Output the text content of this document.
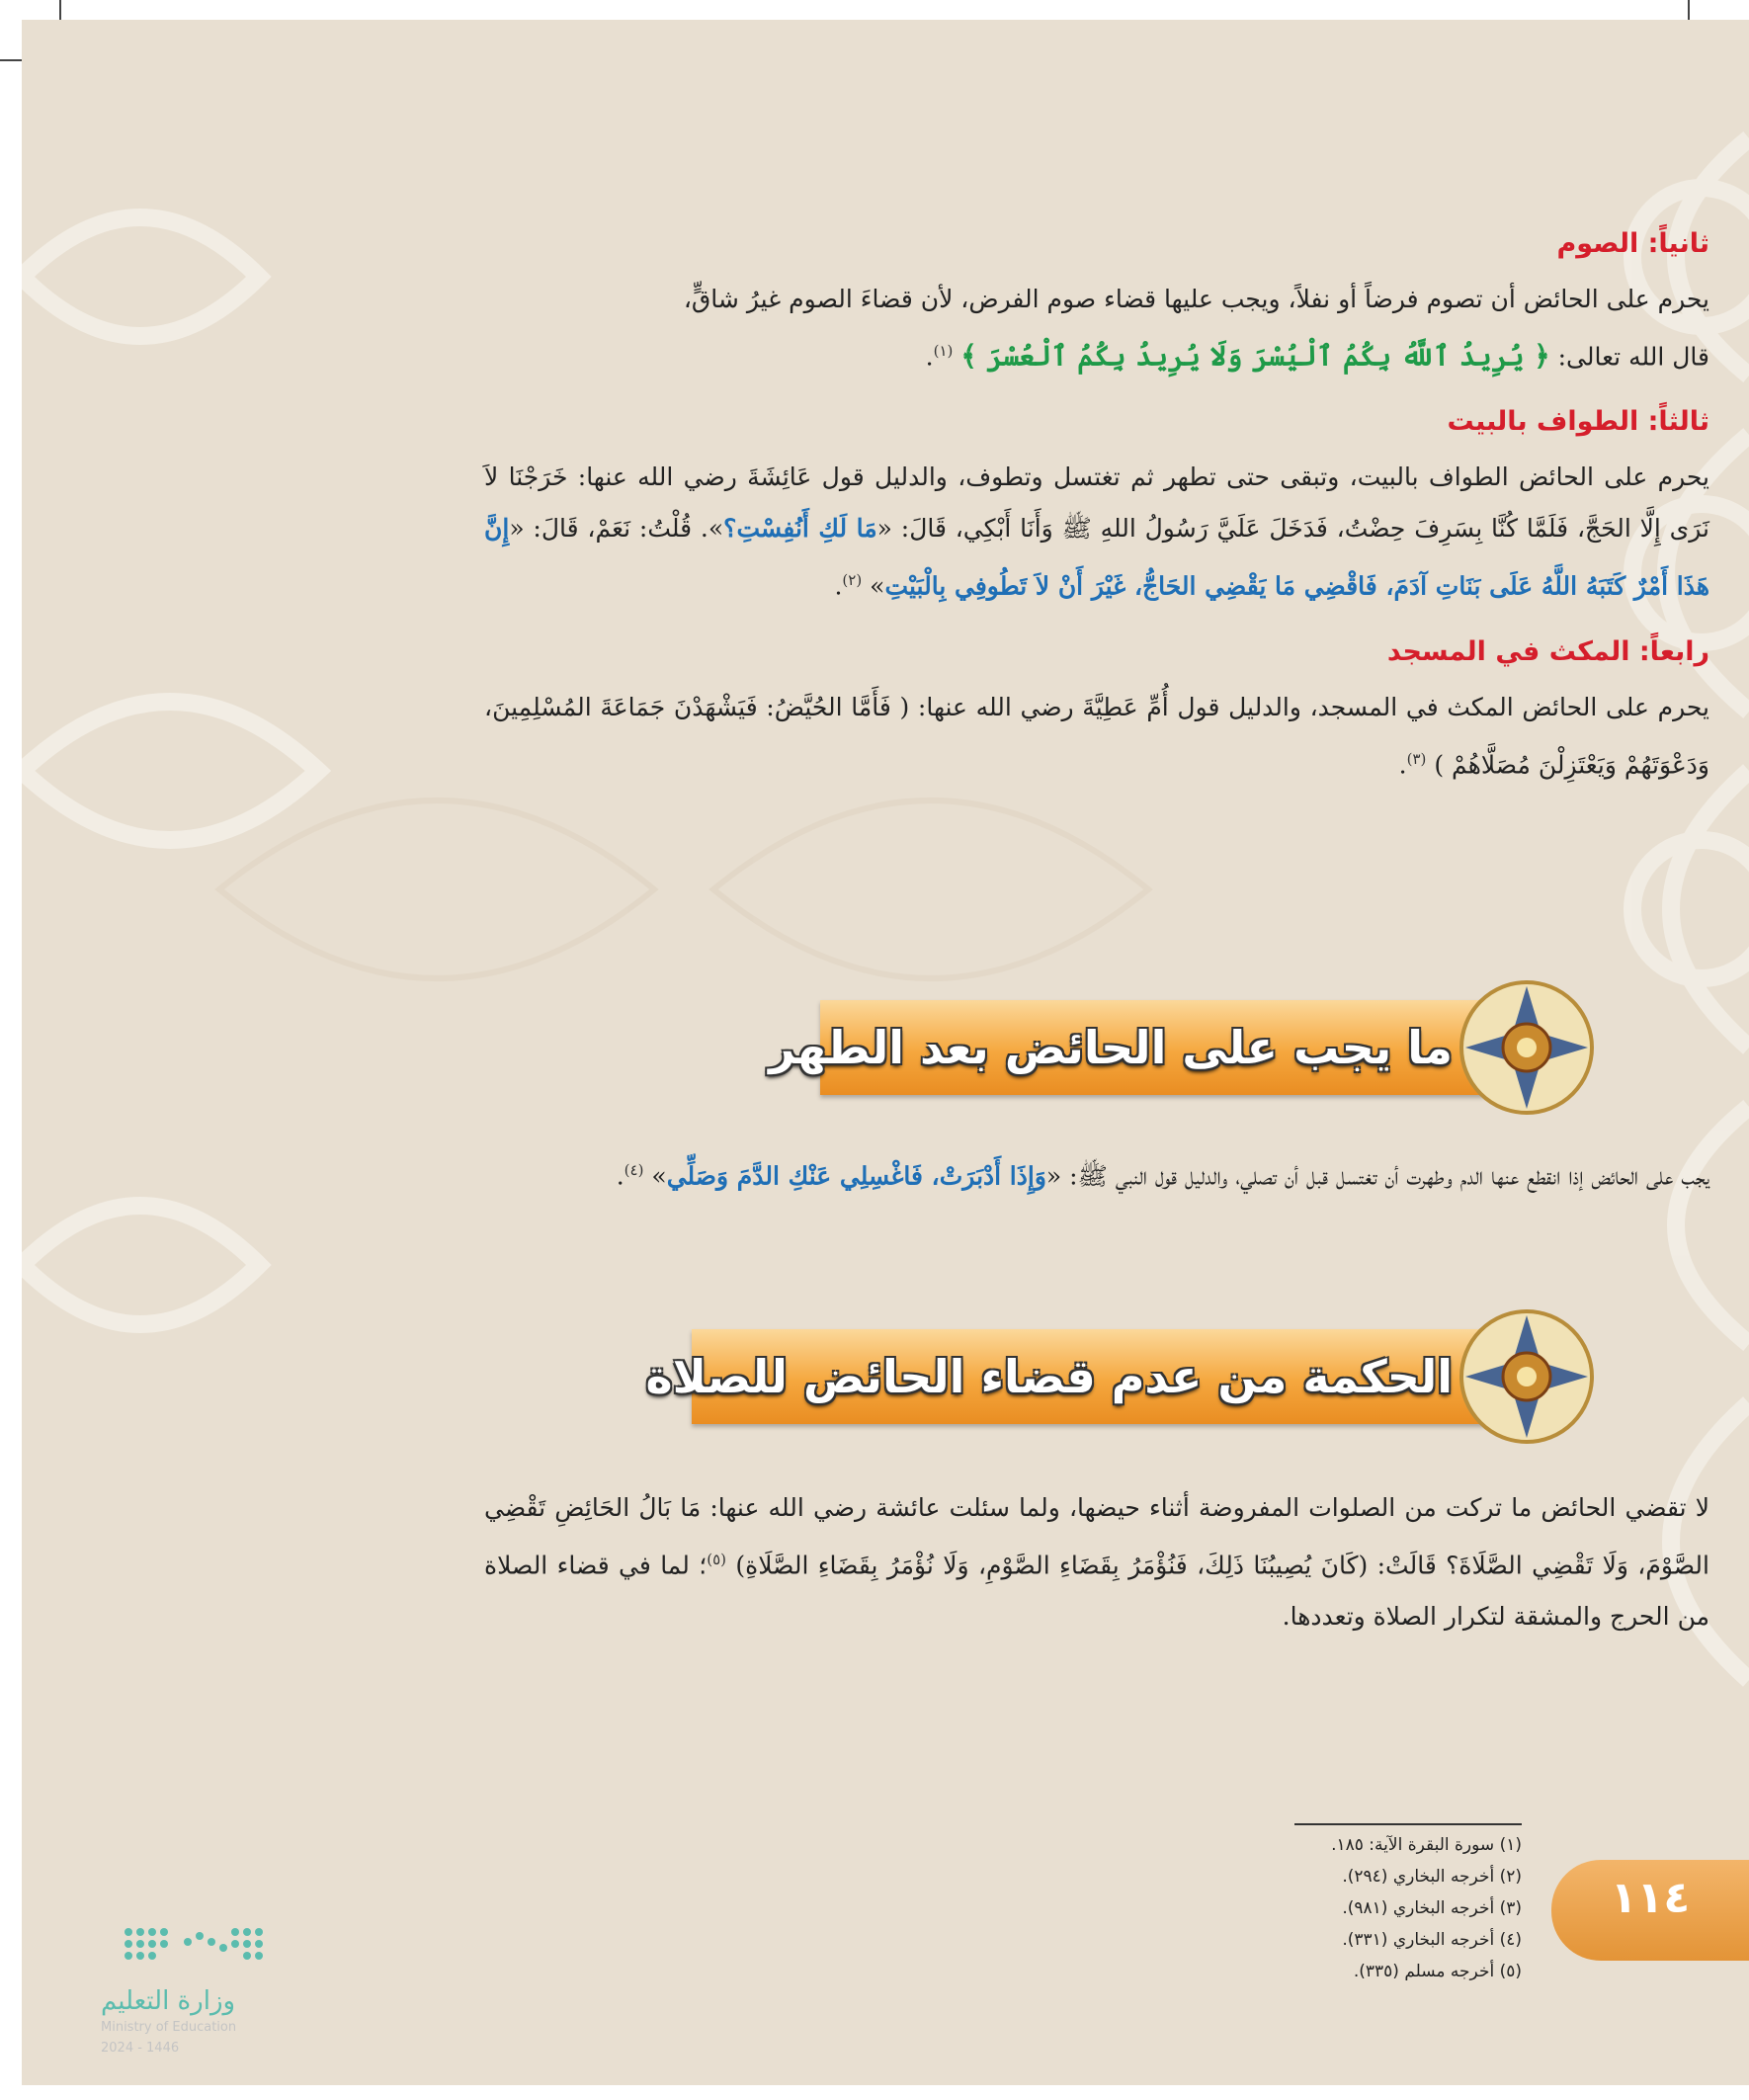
ثانياً: الصوم

يحرم على الحائض أن تصوم فرضاً أو نفلاً، ويجب عليها قضاء صوم الفرض، لأن قضاءَ الصوم غيرُ شاقٍّ،
قال الله تعالى: ﴿ يُرِيدُ ٱللَّهُ بِكُمُ ٱلْيُسْرَ وَلَا يُرِيدُ بِكُمُ ٱلْعُسْرَ ﴾ $^{(١)}$.

ثالثاً: الطواف بالبيت

يحرم على الحائض الطواف بالبيت، وتبقى حتى تطهر ثم تغتسل وتطوف، والدليل قول عَائِشَةَ رضي الله عنها: خَرَجْنَا لاَ نَرَى إِلَّا الحَجَّ، فَلَمَّا كُنَّا بِسَرِفَ حِضْتُ، فَدَخَلَ عَلَيَّ رَسُولُ اللهِ ﷺ وَأَنَا أَبْكِي، قَالَ: «مَا لَكِ أَنُفِسْتِ؟». قُلْتُ: نَعَمْ، قَالَ: «إِنَّ هَذَا أَمْرٌ كَتَبَهُ اللَّهُ عَلَى بَنَاتِ آدَمَ، فَاقْضِي مَا يَقْضِي الحَاجُّ، غَيْرَ أَنْ لاَ تَطُوفِي بِالْبَيْتِ» $^{(٢)}$.

رابعاً: المكث في المسجد

يحرم على الحائض المكث في المسجد، والدليل قول أُمِّ عَطِيَّةَ رضي الله عنها: ( فَأَمَّا الحُيَّضُ: فَيَشْهَدْنَ جَمَاعَةَ المُسْلِمِينَ، وَدَعْوَتَهُمْ وَيَعْتَزِلْنَ مُصَلَّاهُمْ ) $^{(٣)}$.

ما يجب على الحائض بعد الطهر

يجب على الحائض إذا انقطع عنها الدم وطهرت أن تغتسل قبل أن تصلي، والدليل قول النبي ﷺ: «وَإِذَا أَدْبَرَتْ، فَاغْسِلِي عَنْكِ الدَّمَ وَصَلِّي» $^{(٤)}$.

الحكمة من عدم قضاء الحائض للصلاة

لا تقضي الحائض ما تركت من الصلوات المفروضة أثناء حيضها، ولما سئلت عائشة رضي الله عنها: مَا بَالُ الحَائِضِ تَقْضِي الصَّوْمَ، وَلَا تَقْضِي الصَّلَاةَ؟ قَالَتْ: (كَانَ يُصِيبُنَا ذَلِكَ، فَنُؤْمَرُ بِقَضَاءِ الصَّوْمِ، وَلَا نُؤْمَرُ بِقَضَاءِ الصَّلَاةِ) $^{(٥)}$؛ لما في قضاء الصلاة من الحرج والمشقة لتكرار الصلاة وتعددها.

(١) سورة البقرة الآية: ١٨٥.
(٢) أخرجه البخاري (٢٩٤).
(٣) أخرجه البخاري (٩٨١).
(٤) أخرجه البخاري (٣٣١).
(٥) أخرجه مسلم (٣٣٥).
١١٤
وزارة التعليم
Ministry of Education
2024 - 1446
